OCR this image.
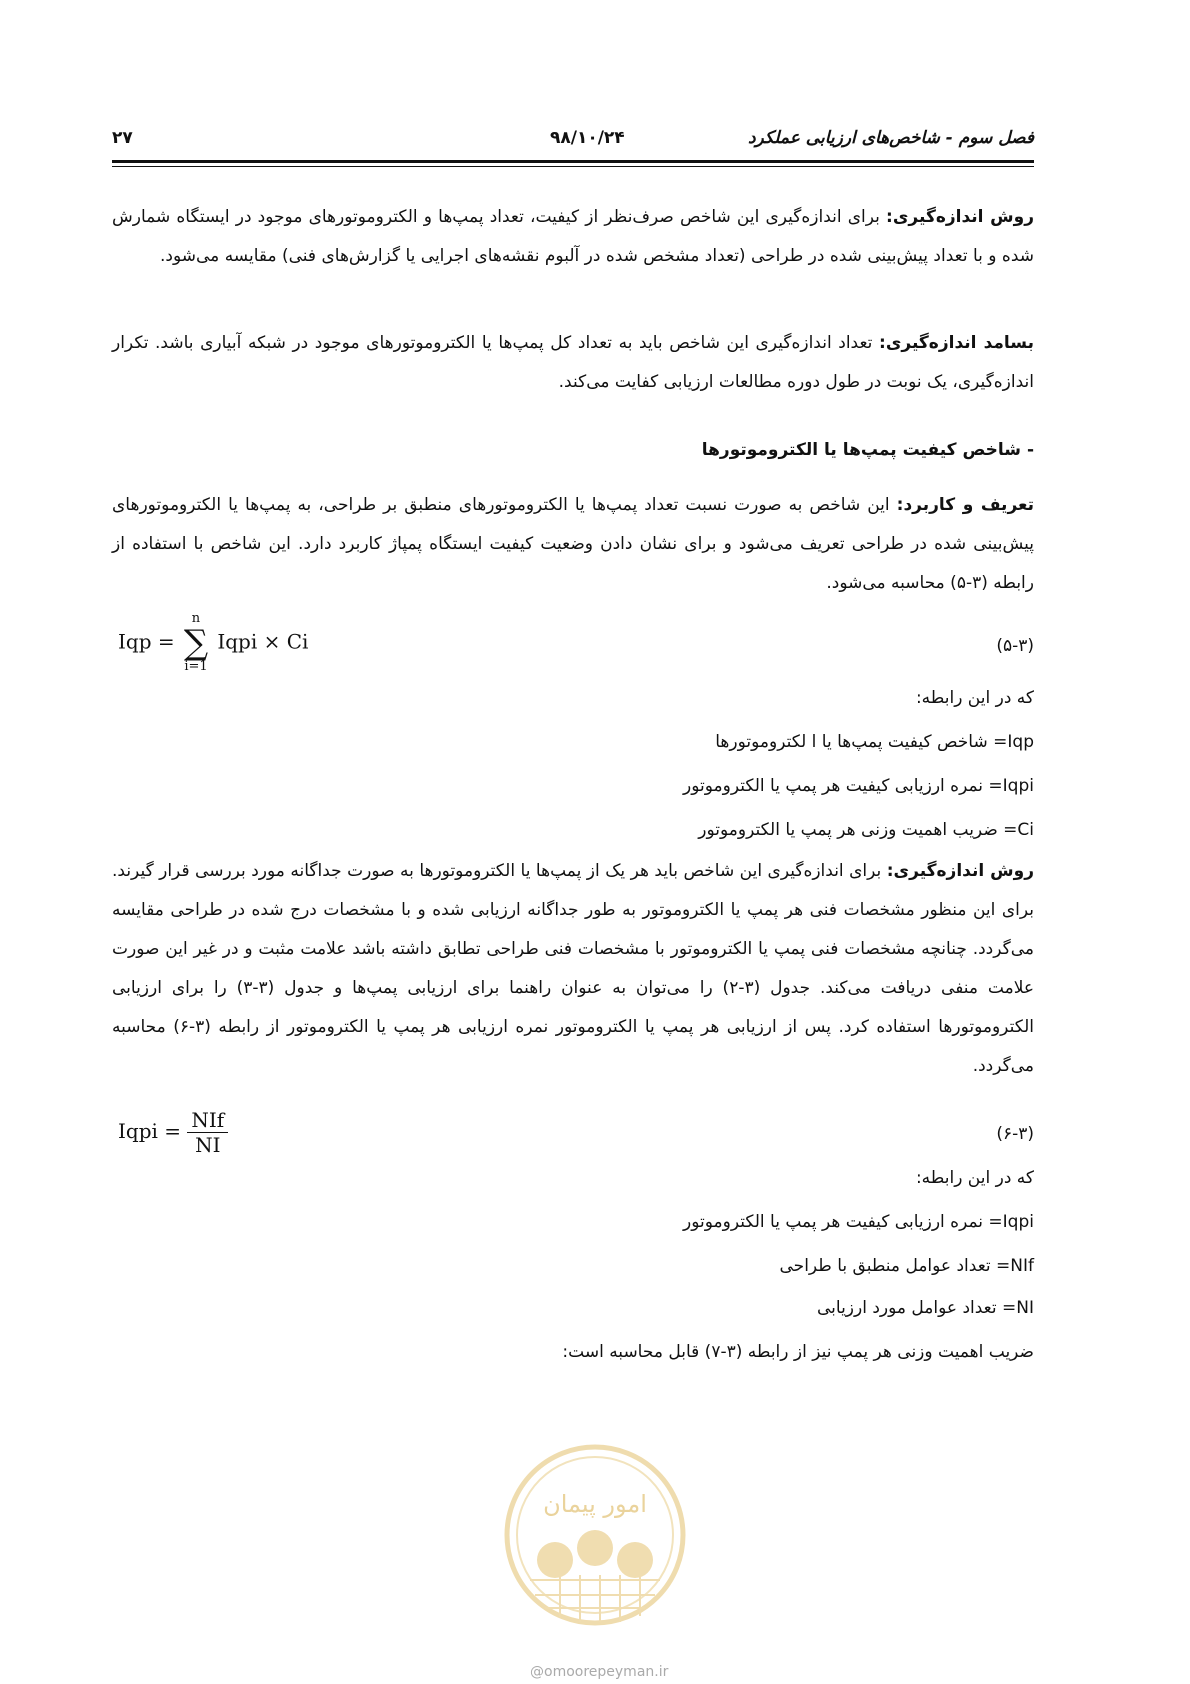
فصل سوم - شاخص‌های ارزیابی عملکرد
۹۸/۱۰/۲۴
۲۷
روش اندازه‌گیری: برای اندازه‌گیری این شاخص صرف‌نظر از کیفیت، تعداد پمپ‌ها و الکتروموتورهای موجود در ایستگاه شمارش شده و با تعداد پیش‌بینی شده در طراحی (تعداد مشخص شده در آلبوم نقشه‌های اجرایی یا گزارش‌های فنی) مقایسه می‌شود.
بسامد اندازه‌گیری: تعداد اندازه‌گیری این شاخص باید به تعداد کل پمپ‌ها یا الکتروموتورهای موجود در شبکه آبیاری باشد. تکرار اندازه‌گیری، یک نوبت در طول دوره مطالعات ارزیابی کفایت می‌کند.
- شاخص کیفیت پمپ‌ها یا الکتروموتورها
تعریف و کاربرد: این شاخص به صورت نسبت تعداد پمپ‌ها یا الکتروموتورهای منطبق بر طراحی، به پمپ‌ها یا الکتروموتورهای پیش‌بینی شده در طراحی تعریف می‌شود و برای نشان دادن وضعیت کیفیت ایستگاه پمپاژ کاربرد دارد. این شاخص با استفاده از رابطه (۳-۵) محاسبه می‌شود.
Iqp =
n
∑
i=1
Iqpi × Ci	(۵-۳)
که در این رابطه:
Iqp= شاخص کیفیت پمپ‌ها یا ا لکتروموتورها
Iqpi= نمره ارزیابی کیفیت هر پمپ یا الکتروموتور
Ci= ضریب اهمیت وزنی هر پمپ یا الکتروموتور
روش اندازه‌گیری: برای اندازه‌گیری این شاخص باید هر یک از پمپ‌ها یا الکتروموتورها به صورت جداگانه مورد بررسی قرار گیرند. برای این منظور مشخصات فنی هر پمپ یا الکتروموتور به طور جداگانه ارزیابی شده و با مشخصات درج شده در طراحی مقایسه می‌گردد. چنانچه مشخصات فنی پمپ یا الکتروموتور با مشخصات فنی طراحی تطابق داشته باشد علامت مثبت و در غیر این صورت علامت منفی دریافت می‌کند. جدول (۳-۲) را می‌توان به عنوان راهنما برای ارزیابی پمپ‌ها و جدول (۳-۳) را برای ارزیابی الکتروموتورها استفاده کرد. پس از ارزیابی هر پمپ یا الکتروموتور نمره ارزیابی هر پمپ یا الکتروموتور از رابطه (۳-۶) محاسبه می‌گردد.
Iqpi = $\frac{\text{NIf}}{NI}$	(۶-۳)
که در این رابطه:
Iqpi= نمره ارزیابی کیفیت هر پمپ یا الکتروموتور
NIf= تعداد عوامل منطبق با طراحی
NI= تعداد عوامل مورد ارزیابی
ضریب اهمیت وزنی هر پمپ نیز از رابطه (۳-۷) قابل محاسبه است:
امور پیمان
@omoorepeyman.ir
